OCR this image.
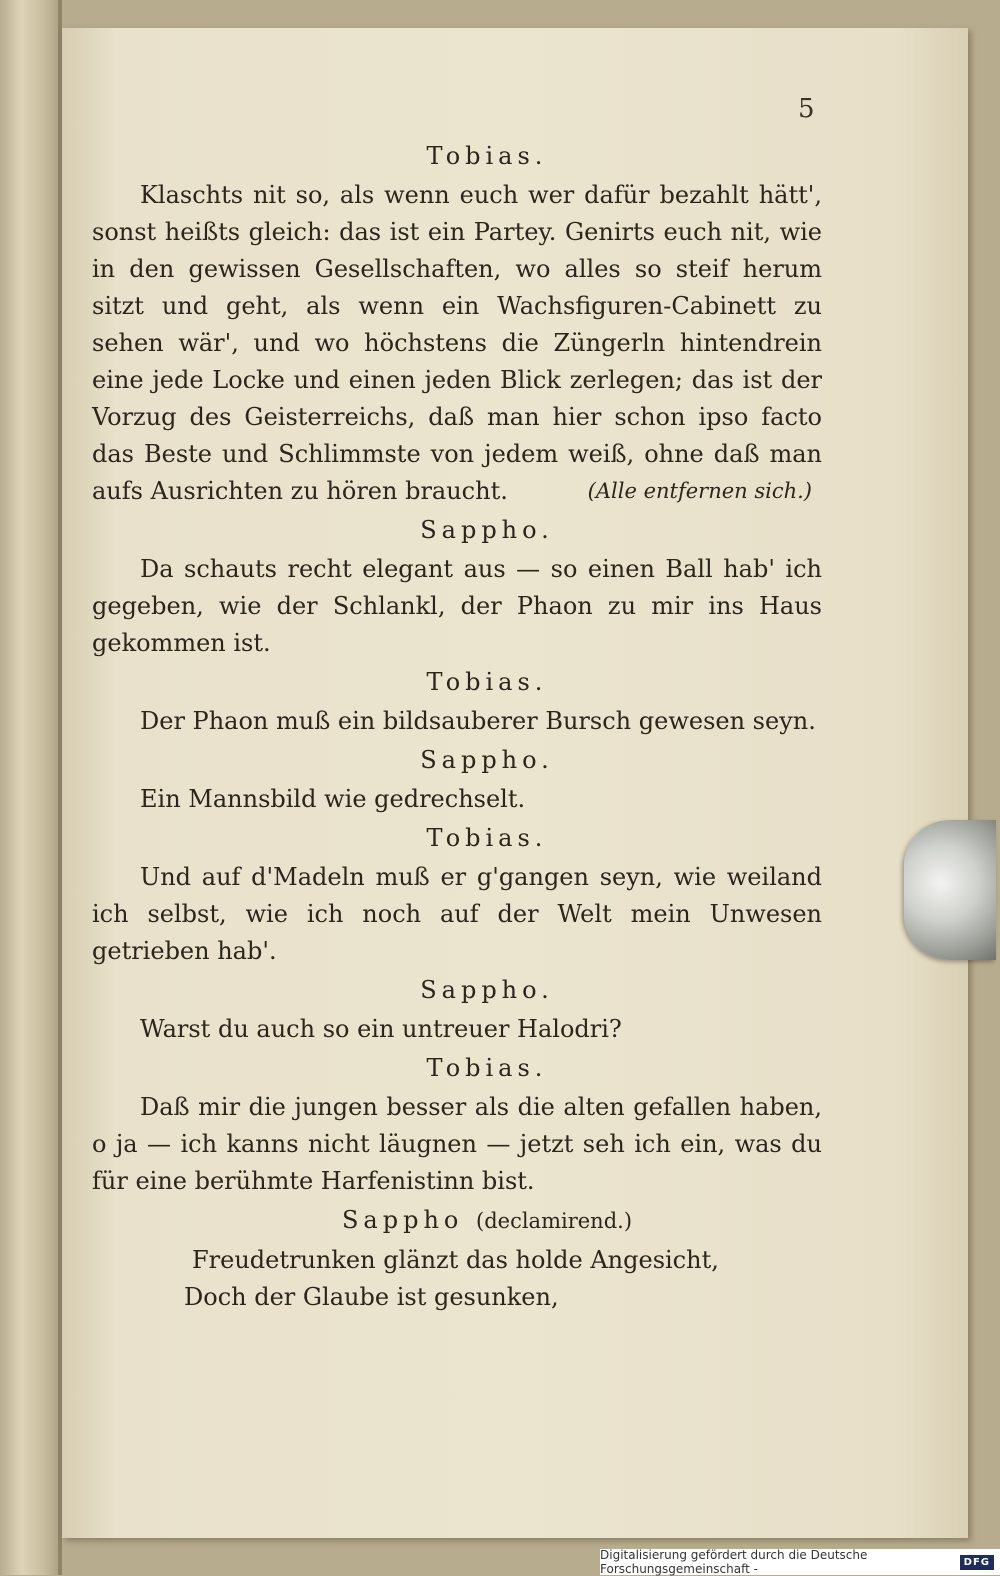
5
Tobias.

Klaschts nit so, als wenn euch wer dafür bezahlt hätt', sonst heißts gleich: das ist ein Partey. Genirts euch nit, wie in den gewissen Gesellschaften, wo alles so steif herum sitzt und geht, als wenn ein Wachsfiguren-Cabinett zu sehen wär', und wo höchstens die Züngerln hintendrein eine jede Locke und einen jeden Blick zerlegen; das ist der Vorzug des Geisterreichs, daß man hier schon ipso facto das Beste und Schlimmste von jedem weiß, ohne daß man aufs Ausrichten zu hören braucht.	(Alle entfernen sich.)

Sappho.

Da schauts recht elegant aus — so einen Ball hab' ich gegeben, wie der Schlankl, der Phaon zu mir ins Haus gekommen ist.

Tobias.

Der Phaon muß ein bildsauberer Bursch gewesen seyn.

Sappho.

Ein Mannsbild wie gedrechselt.

Tobias.

Und auf d'Madeln muß er g'gangen seyn, wie weiland ich selbst, wie ich noch auf der Welt mein Unwesen getrieben hab'.

Sappho.

Warst du auch so ein untreuer Halodri?

Tobias.

Daß mir die jungen besser als die alten gefallen haben, o ja — ich kanns nicht läugnen — jetzt seh ich ein, was du für eine berühmte Harfenistinn bist.

Sappho (declamirend.)

Freudetrunken glänzt das holde Angesicht,

Doch der Glaube ist gesunken,

Digitalisierung gefördert durch die Deutsche Forschungsgemeinschaft -	DFG
